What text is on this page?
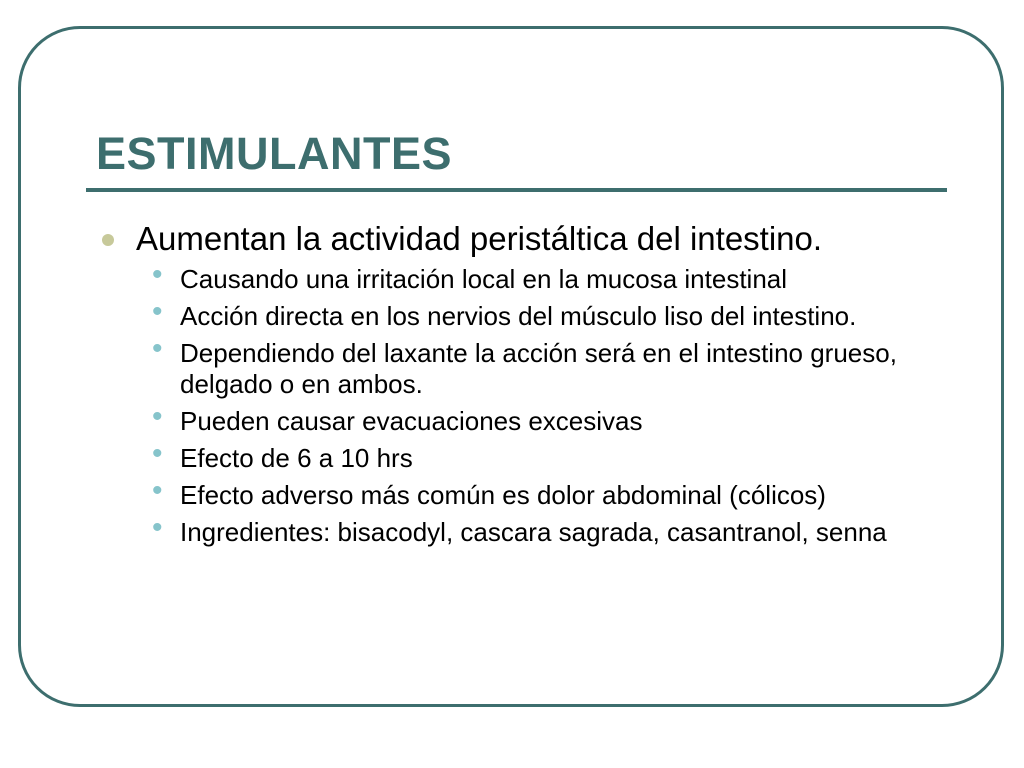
ESTIMULANTES
Aumentan la actividad peristáltica del intestino.
• Causando una irritación local en la mucosa intestinal
• Acción directa en los nervios del músculo liso del intestino.
• Dependiendo del laxante la acción será en el intestino grueso, delgado o en ambos.
• Pueden causar evacuaciones excesivas
• Efecto de 6 a 10 hrs
• Efecto adverso más común es dolor abdominal (cólicos)
• Ingredientes: bisacodyl, cascara sagrada, casantranol, senna
